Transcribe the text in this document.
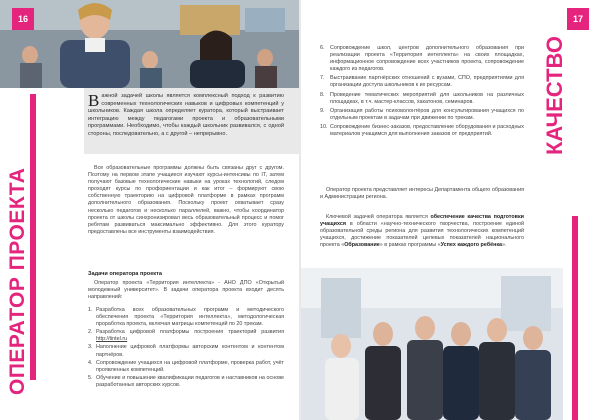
16
ОПЕРАТОР ПРОЕКТА
Важной задачей школы является комплексный подход к развитию современных технологических навыков и цифровых компетенций у школьников. Каждая школа определяет куратора, который выстраивает интеграцию между педагогами проекта и образовательными программами. Необходимо, чтобы каждый школьник развивался, с одной стороны, последовательно, а с другой – непрерывно.
Все образовательные программы должны быть связаны друг с другом. Поэтому на первом этапе учащиеся изучают курсы-интенсивы по IT, затем получают базовые технологические навыки на уроках технологий, следом проходят курсы по профориентации и как итог – формируют свою собственную траекторию на цифровой платформе в рамках программ дополнительного образования. Поскольку проект охватывает сразу несколько педагогов и несколько параллелей, важно, чтобы координатор проекта от школы синхронизировал весь образовательный процесс и помог ребятам развиваться максимально эффективно. Для этого куратору предоставлены все инструменты взаимодействия.
Задачи оператора проекта
Оператор проекта «Территория интеллекта» - АНО ДПО «Открытый молодежный университет». В задачи оператора проекта входит десять направлений:
1. Разработка всех образовательных программ и методического обеспечения проекта «Территория интеллекта», методологическая проработка проекта, включая матрицы компетенций по 20 трекам.
2. Разработка цифровой платформы построения траекторий развития http://tintel.ru
3. Наполнение цифровой платформы авторским контентом и контентом партнёров.
4. Сопровождение учащихся на цифровой платформе, проверка работ, учёт проявленных компетенций.
5. Обучение и повышение квалификации педагогов и наставников на основе разработанных авторских курсов.
17
6. Сопровождение школ, центров дополнительного образования при реализации проекта «Территория интеллекта» на своих площадках, информационное сопровождение всех участников проекта, сопровождение каждого из педагогов.
7. Выстраивание партнёрских отношений с вузами, СПО, предприятиями для организации доступа школьников к их ресурсам.
8. Проведение тематических мероприятий для школьников на различных площадках, в т.ч. мастер-классов, хакатонов, семинаров.
9. Организация работы психоволонтёров для консультирования учащихся по отдельным проектам в задачам при движении по трекам.
10. Сопровождение бизнес-заказов, предоставление оборудования и расходных материалов учащимся для выполнения заказов от предприятий.
Оператор проекта представляет интересы Департамента общего образования и Администрации региона.
Ключевой задачей оператора является обеспечение качества подготовки учащихся в области «научно-технического творчества, построение единой образовательной среды региона для развития технологических компетенций учащихся, достижение показателей целевых показателей национального проекта «Образование» в рамках программы «Успех каждого ребёнка».
КАЧЕСТВО
